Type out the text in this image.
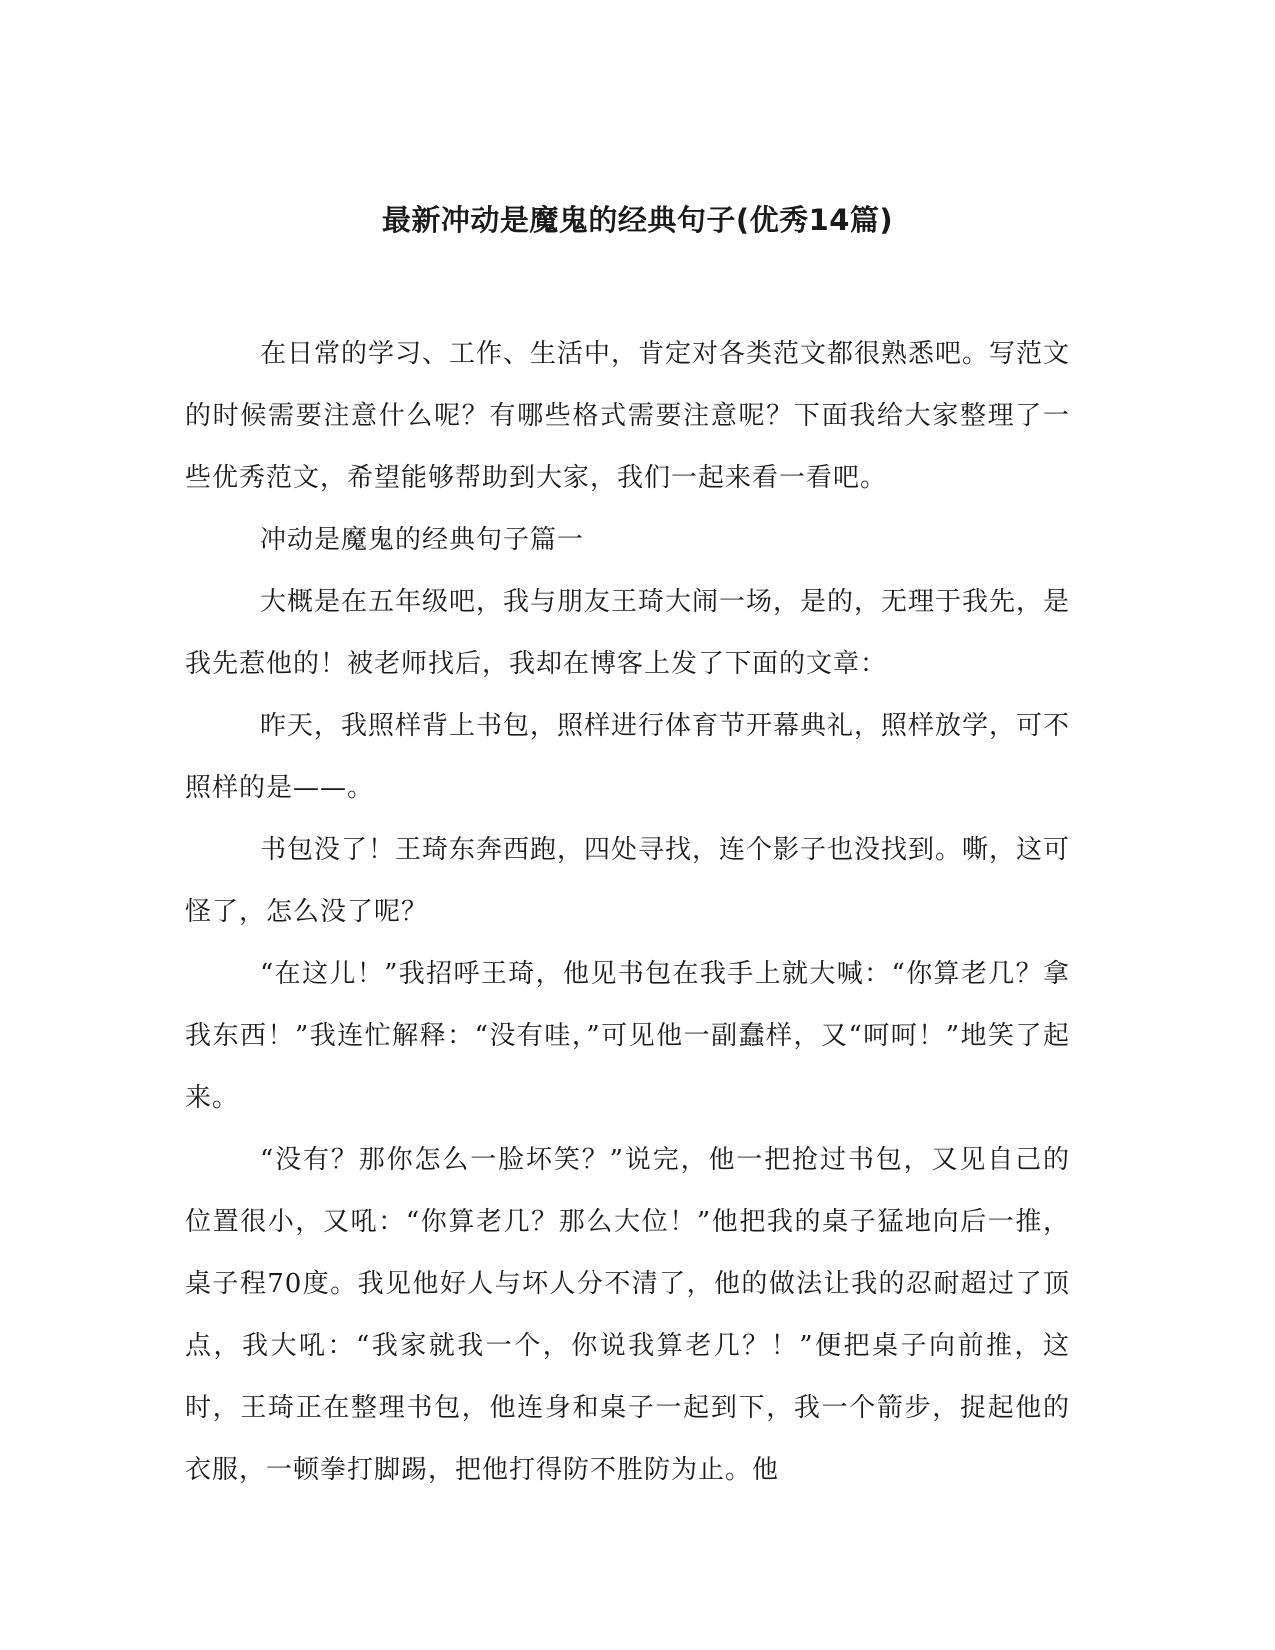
最新冲动是魔鬼的经典句子(优秀14篇)

在日常的学习、工作、生活中，肯定对各类范文都很熟悉吧。写范文的时候需要注意什么呢？有哪些格式需要注意呢？下面我给大家整理了一些优秀范文，希望能够帮助到大家，我们一起来看一看吧。

冲动是魔鬼的经典句子篇一

大概是在五年级吧，我与朋友王琦大闹一场，是的，无理于我先，是我先惹他的！被老师找后，我却在博客上发了下面的文章：

昨天，我照样背上书包，照样进行体育节开幕典礼，照样放学，可不照样的是——。

书包没了！王琦东奔西跑，四处寻找，连个影子也没找到。嘶，这可怪了，怎么没了呢？

“在这儿！”我招呼王琦，他见书包在我手上就大喊：“你算老几？拿我东西！”我连忙解释：“没有哇，”可见他一副蠢样，又“呵呵！”地笑了起来。

“没有？那你怎么一脸坏笑？”说完，他一把抢过书包，又见自己的位置很小，又吼：“你算老几？那么大位！”他把我的桌子猛地向后一推，桌子程70度。我见他好人与坏人分不清了，他的做法让我的忍耐超过了顶点，我大吼：“我家就我一个，你说我算老几？！”便把桌子向前推，这时，王琦正在整理书包，他连身和桌子一起到下，我一个箭步，捉起他的衣服，一顿拳打脚踢，把他打得防不胜防为止。他
